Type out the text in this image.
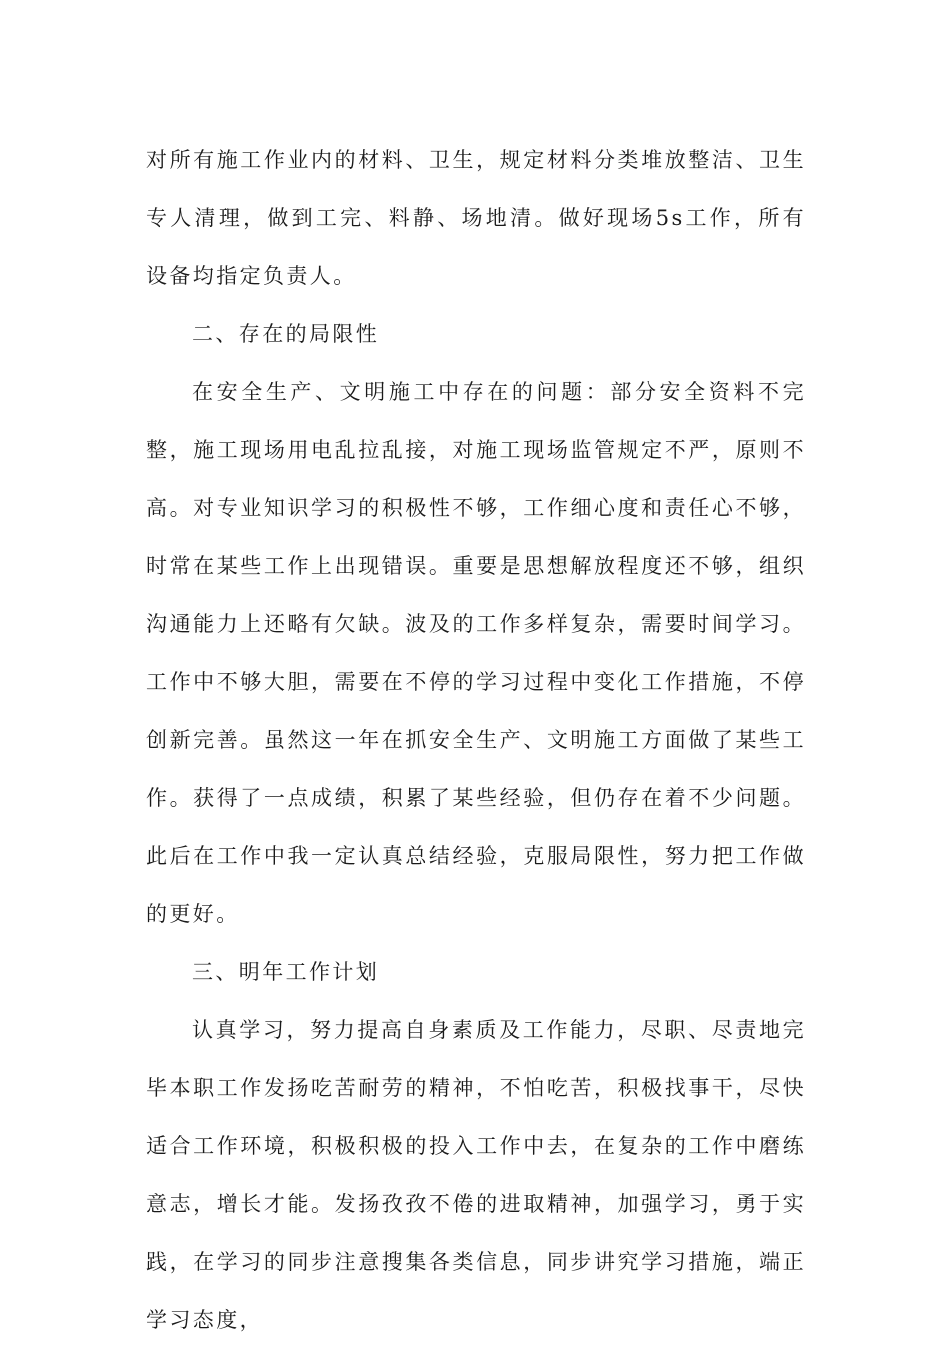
对所有施工作业内的材料、卫生，规定材料分类堆放整洁、卫生专人清理，做到工完、料静、场地清。做好现场5s工作，所有设备均指定负责人。

二、存在的局限性

在安全生产、文明施工中存在的问题：部分安全资料不完整，施工现场用电乱拉乱接，对施工现场监管规定不严，原则不高。对专业知识学习的积极性不够，工作细心度和责任心不够，时常在某些工作上出现错误。重要是思想解放程度还不够，组织沟通能力上还略有欠缺。波及的工作多样复杂，需要时间学习。工作中不够大胆，需要在不停的学习过程中变化工作措施，不停创新完善。虽然这一年在抓安全生产、文明施工方面做了某些工作。获得了一点成绩，积累了某些经验，但仍存在着不少问题。此后在工作中我一定认真总结经验，克服局限性，努力把工作做的更好。

三、明年工作计划

认真学习，努力提高自身素质及工作能力，尽职、尽责地完毕本职工作发扬吃苦耐劳的精神，不怕吃苦，积极找事干，尽快适合工作环境，积极积极的投入工作中去，在复杂的工作中磨练意志，增长才能。发扬孜孜不倦的进取精神，加强学习，勇于实践，在学习的同步注意搜集各类信息，同步讲究学习措施，端正学习态度，
